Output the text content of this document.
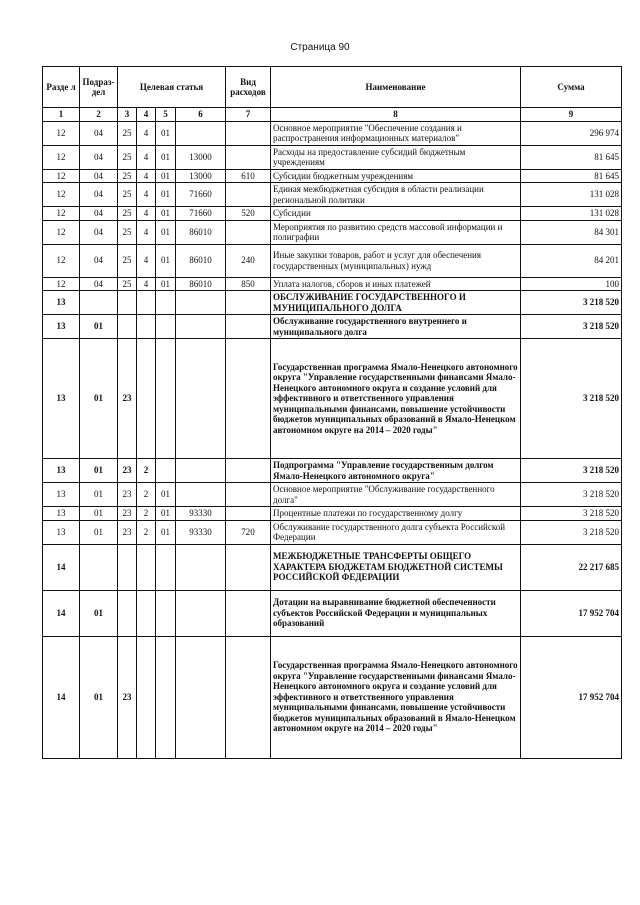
Страница 90
Разде л	Подраз- дел	Целевая статья				Вид расходов	Наименование	Сумма
1	2	3	4	5	6	7	8	9
12	04	25	4	01			Основное мероприятие "Обеспечение создания и распространения информационных материалов"	296 974
12	04	25	4	01	13000		Расходы на предоставление субсидий бюджетным учреждениям	81 645
12	04	25	4	01	13000	610	Субсидии бюджетным учреждениям	81 645
12	04	25	4	01	71660		Единая межбюджетная субсидия в области реализации региональной политики	131 028
12	04	25	4	01	71660	520	Субсидии	131 028
12	04	25	4	01	86010		Мероприятия по развитию средств массовой информации и полиграфии	84 301
12	04	25	4	01	86010	240	Иные закупки товаров, работ и услуг для обеспечения государственных (муниципальных) нужд	84 201
12	04	25	4	01	86010	850	Уплата налогов, сборов и иных платежей	100
13							ОБСЛУЖИВАНИЕ ГОСУДАРСТВЕННОГО И МУНИЦИПАЛЬНОГО ДОЛГА	3 218 520
13	01						Обслуживание государственного внутреннего и муниципального долга	3 218 520
13	01	23					Государственная программа Ямало-Ненецкого автономного округа "Управление государственными финансами Ямало-Ненецкого автономного округа и создание условий для эффективного и ответственного управления муниципальными финансами, повышение устойчивости бюджетов муниципальных образований в Ямало-Ненецком автономном округе на 2014 – 2020 годы"	3 218 520
13	01	23	2				Подпрограмма "Управление государственным долгом Ямало-Ненецкого автономного округа"	3 218 520
13	01	23	2	01			Основное мероприятие "Обслуживание государственного долга"	3 218 520
13	01	23	2	01	93330		Процентные платежи по государственному долгу	3 218 520
13	01	23	2	01	93330	720	Обслуживание государственного долга субъекта Российской Федерации	3 218 520
14							МЕЖБЮДЖЕТНЫЕ ТРАНСФЕРТЫ ОБЩЕГО ХАРАКТЕРА БЮДЖЕТАМ БЮДЖЕТНОЙ СИСТЕМЫ РОССИЙСКОЙ ФЕДЕРАЦИИ	22 217 685
14	01						Дотации на выравнивание бюджетной обеспеченности субъектов Российской Федерации и муниципальных образований	17 952 704
14	01	23					Государственная программа Ямало-Ненецкого автономного округа "Управление государственными финансами Ямало-Ненецкого автономного округа и создание условий для эффективного и ответственного управления муниципальными финансами, повышение устойчивости бюджетов муниципальных образований в Ямало-Ненецком автономном округе на 2014 – 2020 годы"	17 952 704
